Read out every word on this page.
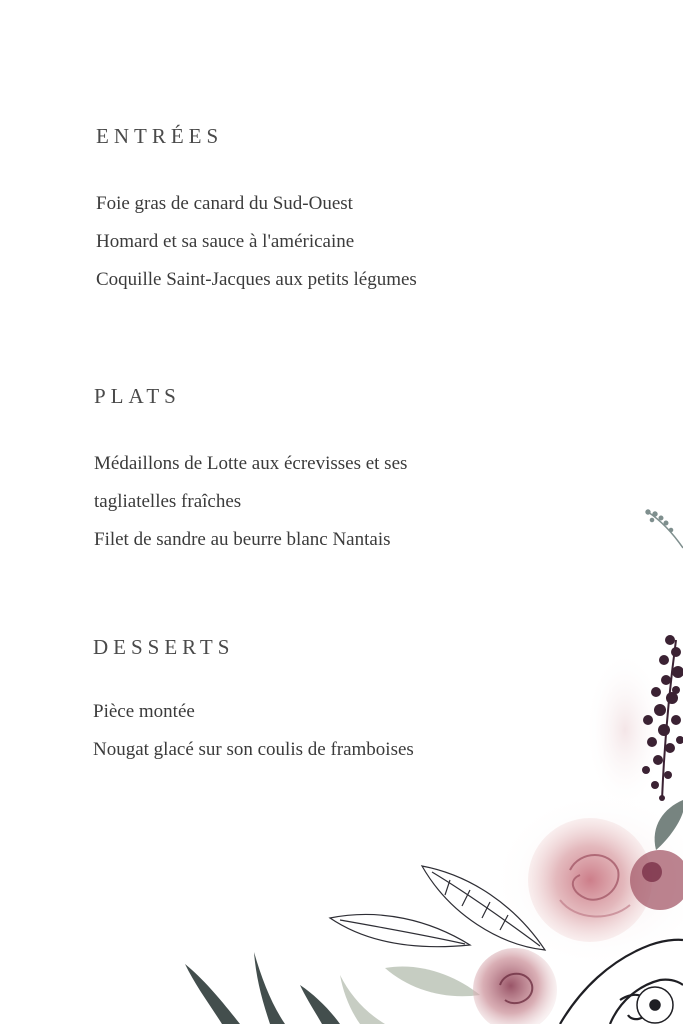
ENTRÉES
Foie gras de canard du Sud-Ouest
Homard et sa sauce à l'américaine
Coquille Saint-Jacques aux petits légumes
PLATS
Médaillons de Lotte aux écrevisses et ses
tagliatelles fraîches
Filet de sandre au beurre blanc Nantais
DESSERTS
Pièce montée
Nougat glacé sur son coulis de framboises
